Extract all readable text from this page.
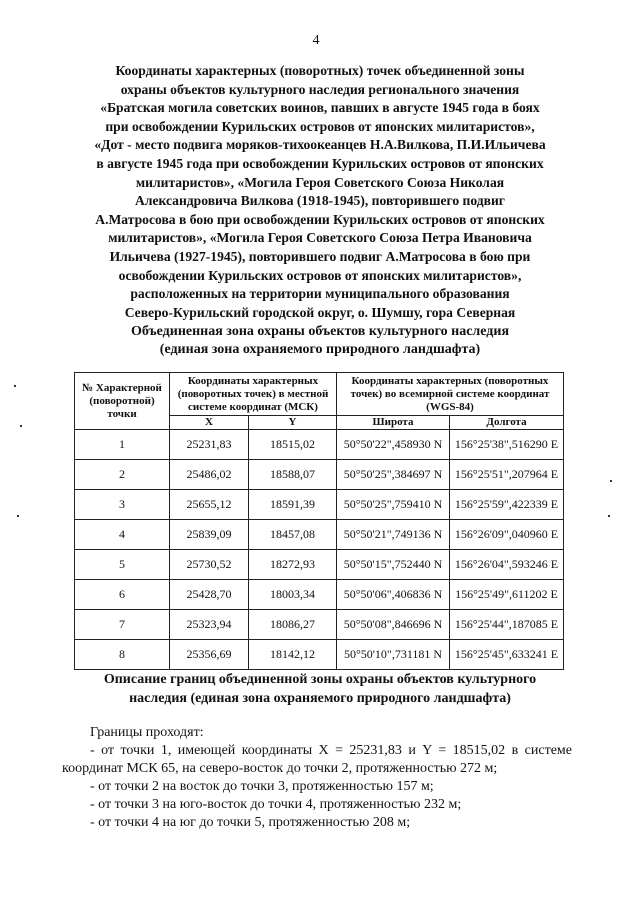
4
Координаты характерных (поворотных) точек объединенной зоны
охраны объектов культурного наследия регионального значения
«Братская могила советских воинов, павших в августе 1945 года в боях
при освобождении Курильских островов от японских милитаристов»,
«Дот - место подвига моряков-тихоокеанцев Н.А.Вилкова, П.И.Ильичева
в августе 1945 года при освобождении Курильских островов от японских
милитаристов», «Могила Героя Советского Союза Николая
Александровича Вилкова (1918-1945), повторившего подвиг
А.Матросова в бою при освобождении Курильских островов от японских
милитаристов», «Могила Героя Советского Союза Петра Ивановича
Ильичева (1927-1945), повторившего подвиг А.Матросова в бою при
освобождении Курильских островов от японских милитаристов»,
расположенных на территории муниципального образования
Северо-Курильский городской округ, о. Шумшу, гора Северная
Объединенная зона охраны объектов культурного наследия
(единая зона охраняемого природного ландшафта)
№ Характерной (поворотной) точки	Координаты характерных (поворотных точек) в местной системе координат (МСК)		Координаты характерных (поворотных точек) во всемирной системе координат (WGS-84)	
	X	Y	Широта	Долгота
1	25231,83	18515,02	50°50'22",458930 N	156°25'38",516290 E
2	25486,02	18588,07	50°50'25",384697 N	156°25'51",207964 E
3	25655,12	18591,39	50°50'25",759410 N	156°25'59",422339 E
4	25839,09	18457,08	50°50'21",749136 N	156°26'09",040960 E
5	25730,52	18272,93	50°50'15",752440 N	156°26'04",593246 E
6	25428,70	18003,34	50°50'06",406836 N	156°25'49",611202 E
7	25323,94	18086,27	50°50'08",846696 N	156°25'44",187085 E
8	25356,69	18142,12	50°50'10",731181 N	156°25'45",633241 E
Описание границ объединенной зоны охраны объектов культурного
наследия (единая зона охраняемого природного ландшафта)

Границы проходят:

- от точки 1, имеющей координаты X = 25231,83 и Y = 18515,02 в системе координат МСК 65, на северо-восток до точки 2, протяженностью 272 м;

- от точки 2 на восток до точки 3, протяженностью 157 м;

- от точки 3 на юго-восток до точки 4, протяженностью 232 м;

- от точки 4 на юг до точки 5, протяженностью 208 м;
